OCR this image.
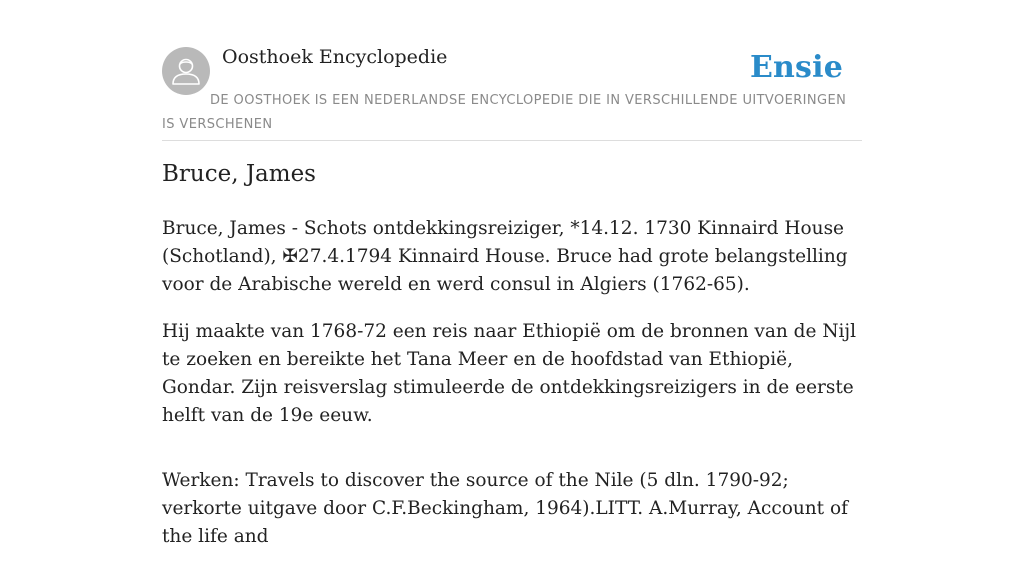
Oosthoek Encyclopedie	Ensie
DE OOSTHOEK IS EEN NEDERLANDSE ENCYCLOPEDIE DIE IN VERSCHILLENDE UITVOERINGEN IS VERSCHENEN
Bruce, James

Bruce, James - Schots ontdekkingsreiziger, *14.12. 1730 Kinnaird House (Schotland), ✠27.4.1794 Kinnaird House. Bruce had grote belangstelling voor de Arabische wereld en werd consul in Algiers (1762-65).

Hij maakte van 1768-72 een reis naar Ethiopië om de bronnen van de Nijl te zoeken en bereikte het Tana Meer en de hoofdstad van Ethiopië, Gondar. Zijn reisverslag stimuleerde de ontdekkingsreizigers in de eerste helft van de 19e eeuw.

Werken: Travels to discover the source of the Nile (5 dln. 1790-92; verkorte uitgave door C.F.Beckingham, 1964).LITT. A.Murray, Account of the life and
